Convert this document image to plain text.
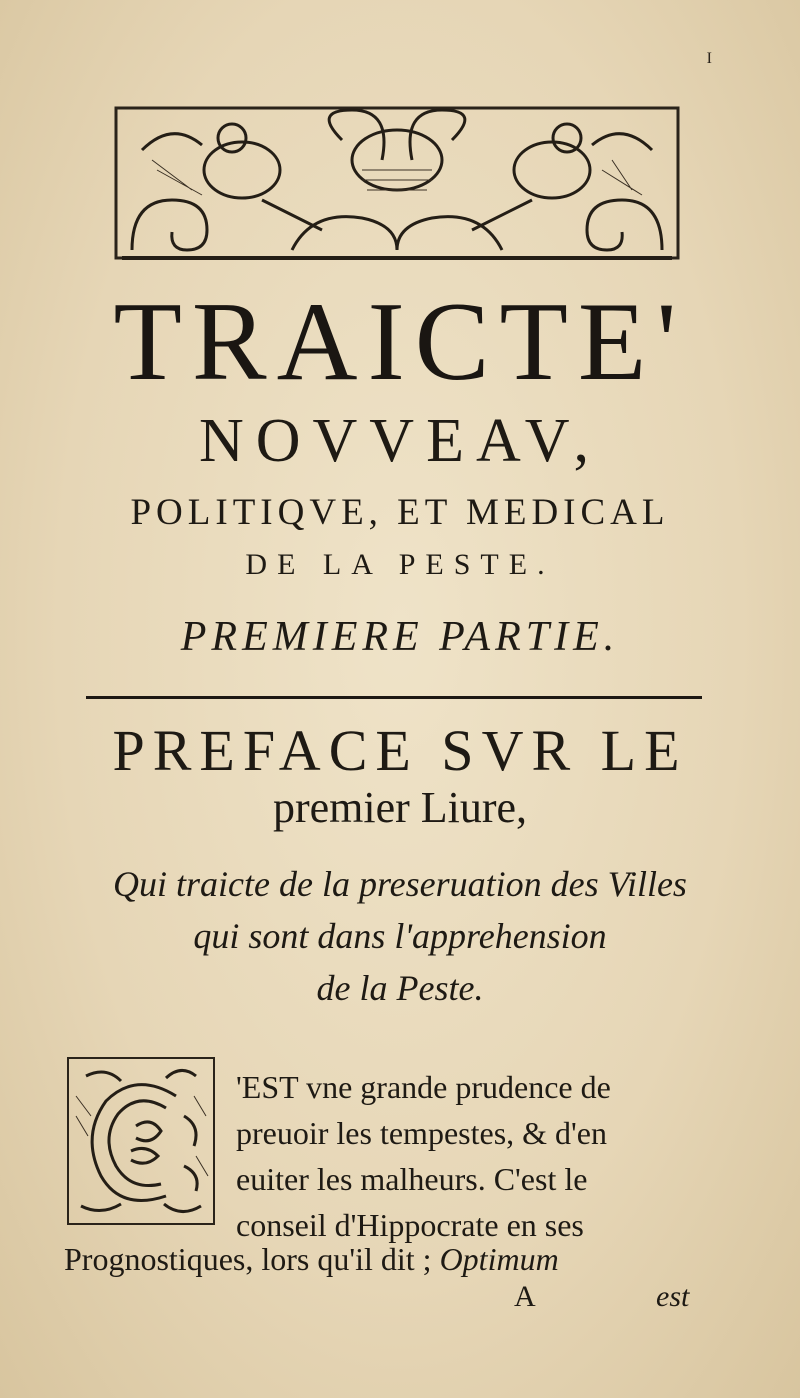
I
TRAICTE'
NOVVEAV,
POLITIQVE, ET MEDICAL
DE LA PESTE.
PREMIERE PARTIE.
PREFACE SVR LE
premier Liure,
Qui traicte de la preseruation des Villes
qui sont dans l'apprehension
de la Peste.
'EST vne grande prudence de
preuoir les tempestes, & d'en
euiter les malheurs. C'est le
conseil d'Hippocrate en ses
Prognostiques, lors qu'il dit ; Optimum
A	est
